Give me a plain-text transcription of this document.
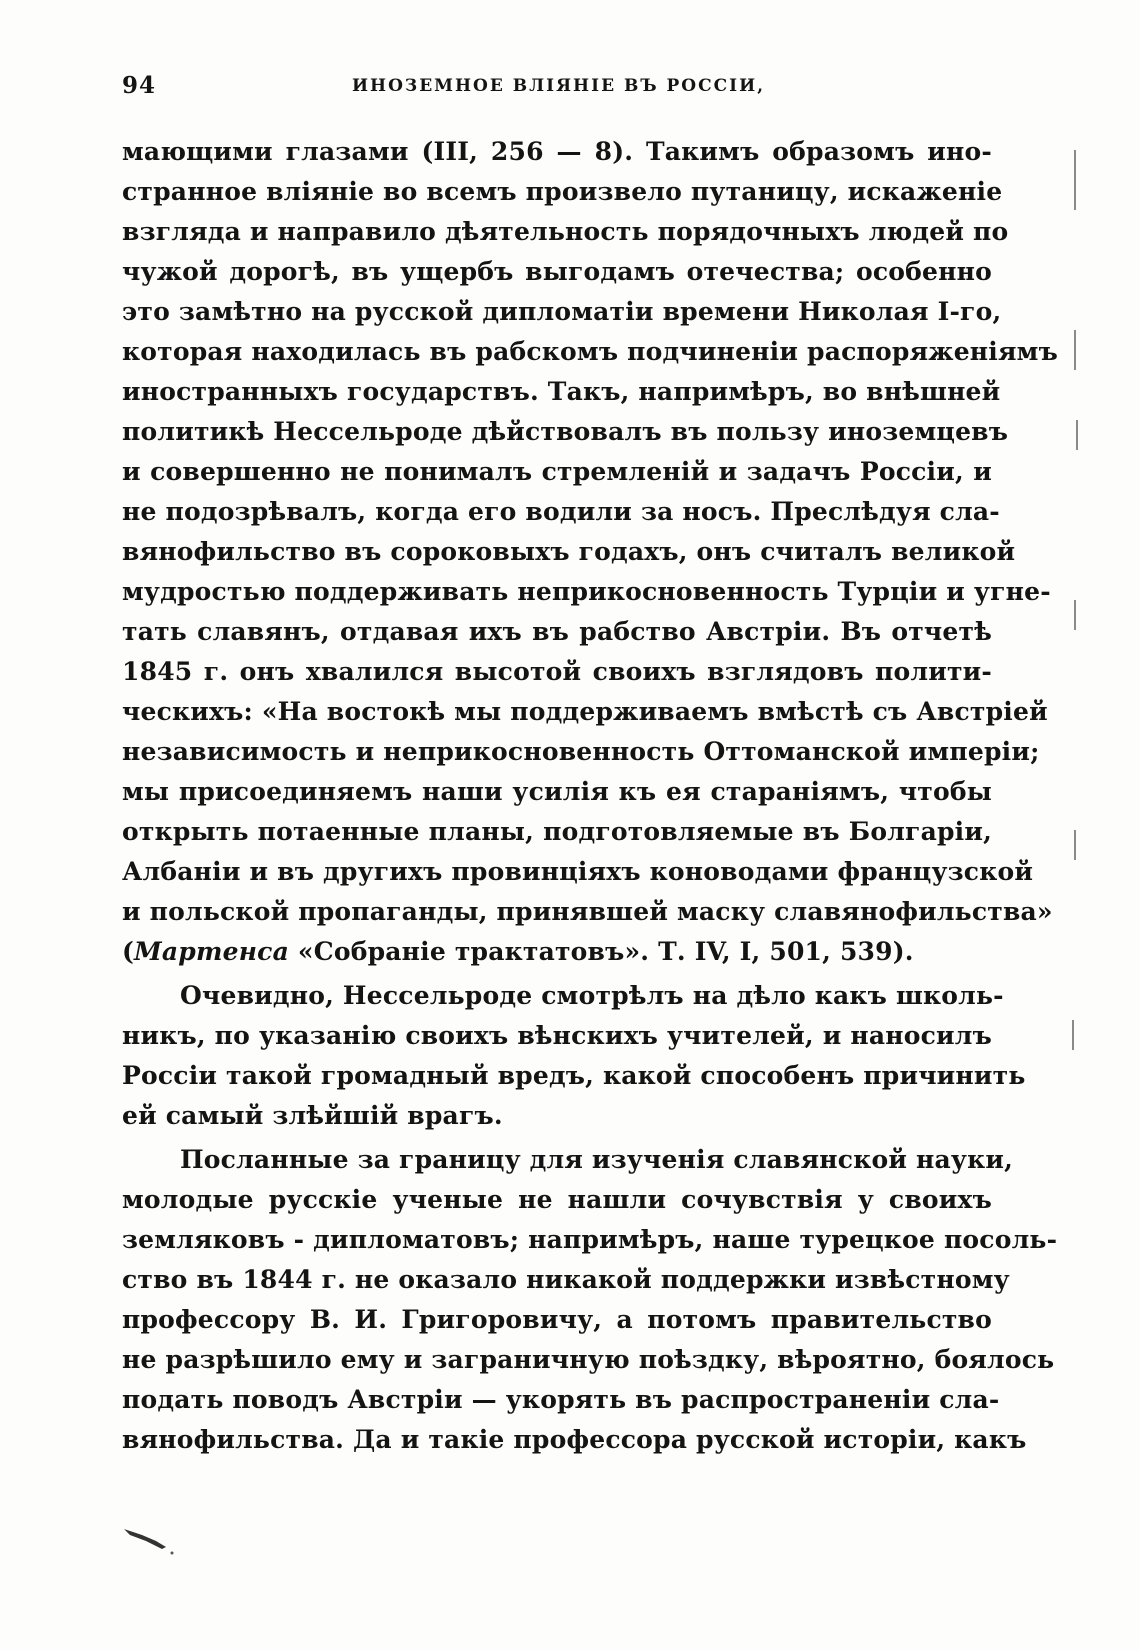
94	ИНОЗЕМНОЕ ВЛІЯНІЕ ВЪ РОССІИ,
мающими глазами (III, 256 — 8). Такимъ образомъ ино-
странное вліяніе во всемъ произвело путаницу, искаженіе
взгляда и направило дѣятельность порядочныхъ людей по
чужой дорогѣ, въ ущербъ выгодамъ отечества; особенно
это замѣтно на русской дипломатіи времени Николая I-го,
которая находилась въ рабскомъ подчиненіи распоряженіямъ
иностранныхъ государствъ. Такъ, напримѣръ, во внѣшней
политикѣ Нессельроде дѣйствовалъ въ пользу иноземцевъ
и совершенно не понималъ стремленій и задачъ Россіи, и
не подозрѣвалъ, когда его водили за носъ. Преслѣдуя сла-
вянофильство въ сороковыхъ годахъ, онъ считалъ великой
мудростью поддерживать неприкосновенность Турціи и угне-
тать славянъ, отдавая ихъ въ рабство Австріи. Въ отчетѣ
1845 г. онъ хвалился высотой своихъ взглядовъ полити-
ческихъ: «На востокѣ мы поддерживаемъ вмѣстѣ съ Австріей
независимость и неприкосновенность Оттоманской имперіи;
мы присоединяемъ наши усилія къ ея стараніямъ, чтобы
открыть потаенные планы, подготовляемые въ Болгаріи,
Албаніи и въ другихъ провинціяхъ коноводами французской
и польской пропаганды, принявшей маску славянофильства»
(Мартенса «Собраніе трактатовъ». Т. IV, I, 501, 539).
Очевидно, Нессельроде смотрѣлъ на дѣло какъ школь-
никъ, по указанію своихъ вѣнскихъ учителей, и наносилъ
Россіи такой громадный вредъ, какой способенъ причинить
ей самый злѣйшій врагъ.
Посланные за границу для изученія славянской науки,
молодые русскіе ученые не нашли сочувствія у своихъ
земляковъ - дипломатовъ; напримѣръ, наше турецкое посоль-
ство въ 1844 г. не оказало никакой поддержки извѣстному
профессору В. И. Григоровичу, а потомъ правительство
не разрѣшило ему и заграничную поѣздку, вѣроятно, боялось
подать поводъ Австріи — укорять въ распространеніи сла-
вянофильства. Да и такіе профессора русской исторіи, какъ
